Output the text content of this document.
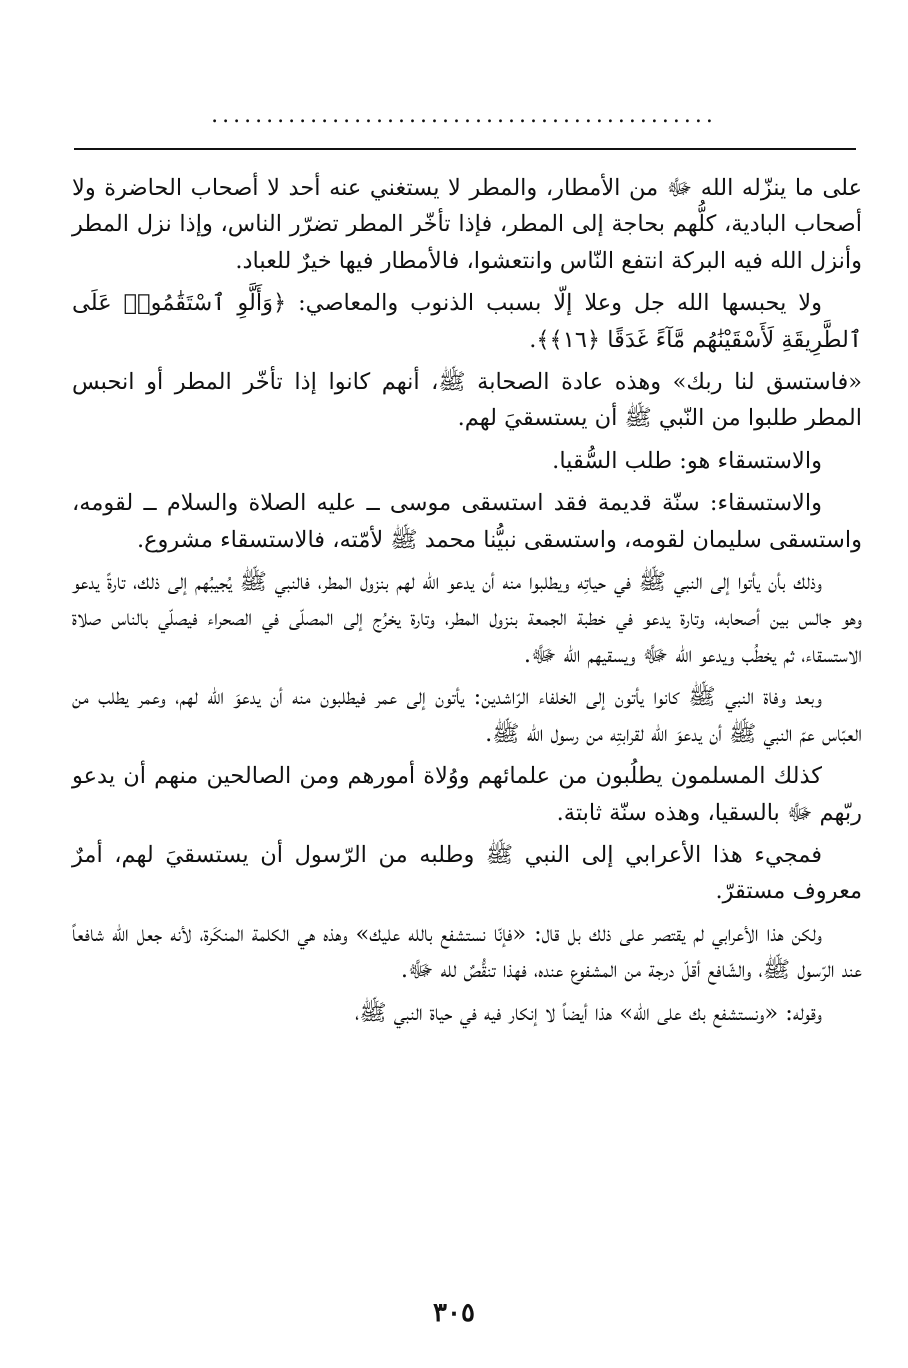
..............................................

على ما ينزّله الله ﷻ من الأمطار، والمطر لا يستغني عنه أحد لا أصحاب الحاضرة ولا أصحاب البادية، كلُّهم بحاجة إلى المطر، فإذا تأخّر المطر تضرّر الناس، وإذا نزل المطر وأنزل الله فيه البركة انتفع النّاس وانتعشوا، فالأمطار فيها خيرٌ للعباد.

ولا يحبسها الله جل وعلا إلّا بسبب الذنوب والمعاصي: ﴿وَأَلَّوِ ٱسْتَقَٰمُوا۟ عَلَى ٱلطَّرِيقَةِ لَأَسْقَيْنَٰهُم مَّآءً غَدَقًا ﴿١٦﴾﴾.

«فاستسق لنا ربك» وهذه عادة الصحابة ﷺ، أنهم كانوا إذا تأخّر المطر أو انحبس المطر طلبوا من النّبي ﷺ أن يستسقيَ لهم.

والاستسقاء هو: طلب السُّقيا.

والاستسقاء: سنّة قديمة فقد استسقى موسى ــ عليه الصلاة والسلام ــ لقومه، واستسقى سليمان لقومه، واستسقى نبيُّنا محمد ﷺ لأمّته، فالاستسقاء مشروع.

وذلك بأن يأتوا إلى النبي ﷺ في حياتِه ويطلبوا منه أن يدعو الله لهم بنزول المطر، فالنبي ﷺ يُجيبُهم إلى ذلك، تارةً يدعو وهو جالس بين أصحابه، وتارة يدعو في خطبة الجمعة بنزول المطر، وتارة يخرُج إلى المصلّى في الصحراء فيصلّي بالناس صلاة الاستسقاء، ثم يخطُب ويدعو الله ﷻ ويسقيهم الله ﷻ.

وبعد وفاة النبي ﷺ كانوا يأتون إلى الخلفاء الرّاشدين: يأتون إلى عمر فيطلبون منه أن يدعوَ الله لهم، وعمر يطلب من العبّاس عمّ النبي ﷺ أن يدعوَ الله لقرابتِه من رسول الله ﷺ.

كذلك المسلمون يطلُبون من علمائهم ووُلاة أمورهم ومن الصالحين منهم أن يدعو ربّهم ﷻ بالسقيا، وهذه سنّة ثابتة.

فمجيء هذا الأعرابي إلى النبي ﷺ وطلبه من الرّسول أن يستسقيَ لهم، أمرٌ معروف مستقرّ.

ولكن هذا الأعرابي لم يقتصر على ذلك بل قال: «فإنّا نستشفع بالله عليك» وهذه هي الكلمة المنكَرة، لأنه جعل الله شافعاً عند الرّسول ﷺ، والشّافع أقلّ درجة من المشفوع عنده، فهذا تنقُّصٌ لله ﷻ.

وقوله: «ونستشفع بك على الله» هذا أيضاً لا إنكار فيه في حياة النبي ﷺ،

٣٠٥
